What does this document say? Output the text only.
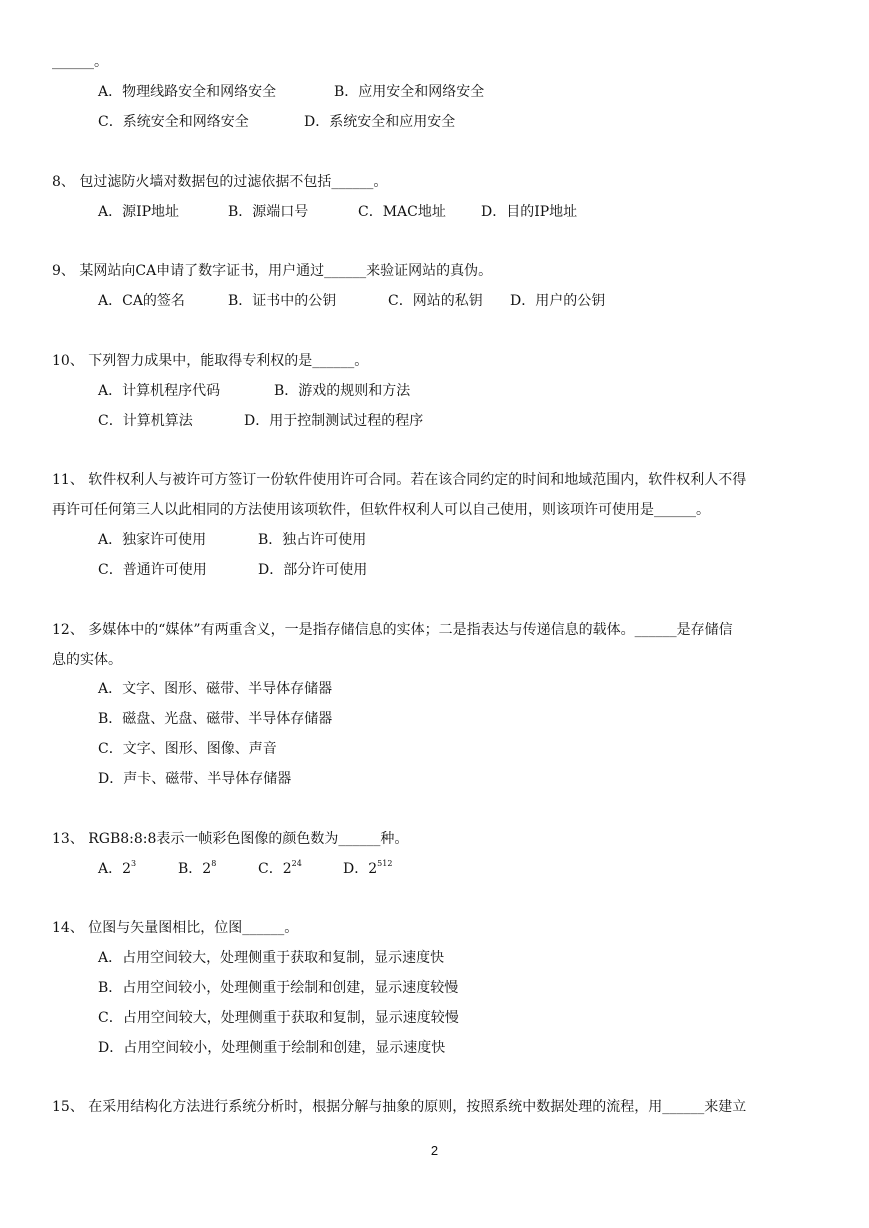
______。
A．物理线路安全和网络安全	B．应用安全和网络安全
C．系统安全和网络安全	D．系统安全和应用安全
8、 包过滤防火墙对数据包的过滤依据不包括______。
A．源IP地址	B．源端口号	C．MAC地址	D．目的IP地址
9、 某网站向CA申请了数字证书，用户通过______来验证网站的真伪。
A．CA的签名	B．证书中的公钥	C．网站的私钥 D．用户的公钥
10、 下列智力成果中，能取得专利权的是______。
A．计算机程序代码	B．游戏的规则和方法
C．计算机算法	D．用于控制测试过程的程序
11、 软件权利人与被许可方签订一份软件使用许可合同。若在该合同约定的时间和地域范围内，软件权利人不得
再许可任何第三人以此相同的方法使用该项软件，但软件权利人可以自己使用，则该项许可使用是______。
A．独家许可使用	B．独占许可使用
C．普通许可使用	D．部分许可使用
12、 多媒体中的“媒体”有两重含义，一是指存储信息的实体；二是指表达与传递信息的载体。______是存储信
息的实体。
A．文字、图形、磁带、半导体存储器
B．磁盘、光盘、磁带、半导体存储器
C．文字、图形、图像、声音
D．声卡、磁带、半导体存储器
13、 RGB8:8:8表示一帧彩色图像的颜色数为______种。
A．$2^3$	B．$2^8$	C．$2^{24}$	D．$2^{512}$
14、 位图与矢量图相比，位图______。
A．占用空间较大，处理侧重于获取和复制，显示速度快
B．占用空间较小，处理侧重于绘制和创建，显示速度较慢
C．占用空间较大，处理侧重于获取和复制，显示速度较慢
D．占用空间较小，处理侧重于绘制和创建，显示速度快
15、 在采用结构化方法进行系统分析时，根据分解与抽象的原则，按照系统中数据处理的流程，用______来建立
2
